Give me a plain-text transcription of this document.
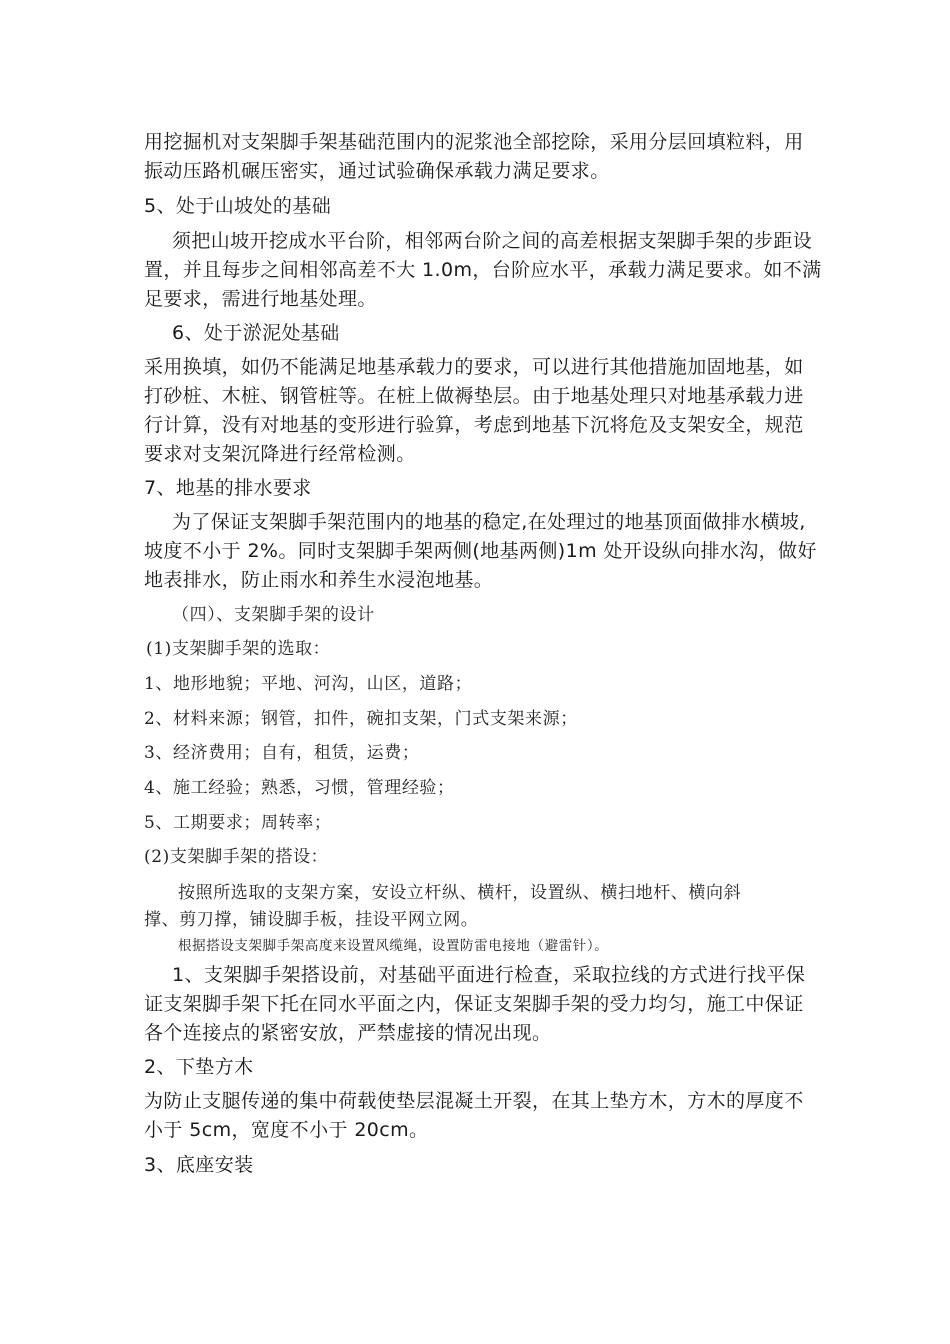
用挖掘机对支架脚手架基础范围内的泥浆池全部挖除，采用分层回填粒料，用
振动压路机碾压密实，通过试验确保承载力满足要求。
5、处于山坡处的基础
须把山坡开挖成水平台阶，相邻两台阶之间的高差根据支架脚手架的步距设
置，并且每步之间相邻高差不大 1.0m，台阶应水平，承载力满足要求。如不满
足要求，需进行地基处理。
6、处于淤泥处基础
采用换填，如仍不能满足地基承载力的要求，可以进行其他措施加固地基，如
打砂桩、木桩、钢管桩等。在桩上做褥垫层。由于地基处理只对地基承载力进
行计算，没有对地基的变形进行验算，考虑到地基下沉将危及支架安全，规范
要求对支架沉降进行经常检测。
7、地基的排水要求
为了保证支架脚手架范围内的地基的稳定,在处理过的地基顶面做排水横坡,
坡度不小于 2%。同时支架脚手架两侧(地基两侧)1m 处开设纵向排水沟，做好
地表排水，防止雨水和养生水浸泡地基。
（四）、支架脚手架的设计
(1)支架脚手架的选取：
1、地形地貌；平地、河沟，山区，道路；
2、材料来源；钢管，扣件，碗扣支架，门式支架来源；
3、经济费用；自有，租赁，运费；
4、施工经验；熟悉，习惯，管理经验；
5、工期要求；周转率；
(2)支架脚手架的搭设：
按照所选取的支架方案，安设立杆纵、横杆，设置纵、横扫地杆、横向斜
撑、剪刀撑，铺设脚手板，挂设平网立网。
根据搭设支架脚手架高度来设置风缆绳，设置防雷电接地（避雷针）。
1、支架脚手架搭设前，对基础平面进行检查，采取拉线的方式进行找平保
证支架脚手架下托在同水平面之内，保证支架脚手架的受力均匀，施工中保证
各个连接点的紧密安放，严禁虚接的情况出现。
2、下垫方木
为防止支腿传递的集中荷载使垫层混凝土开裂，在其上垫方木，方木的厚度不
小于 5cm，宽度不小于 20cm。
3、底座安装
